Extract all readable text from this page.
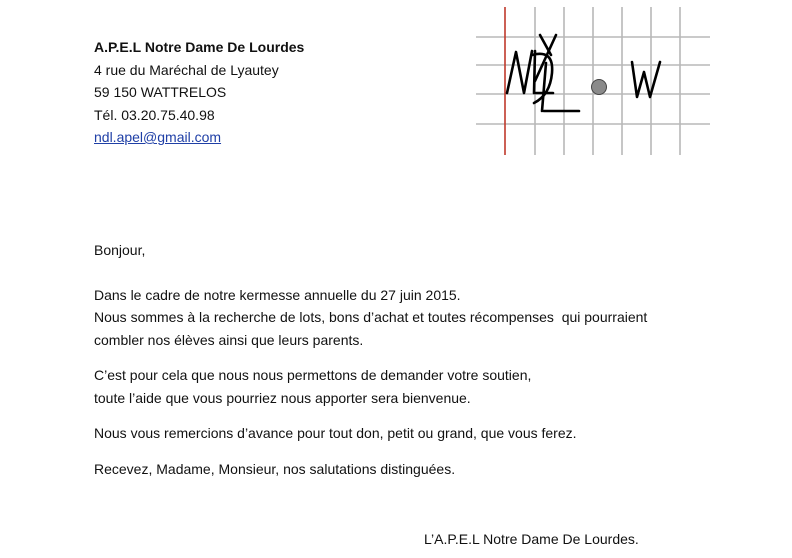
A.P.E.L Notre Dame De Lourdes
4 rue du Maréchal de Lyautey
59 150 WATTRELOS
Tél. 03.20.75.40.98
ndl.apel@gmail.com

Bonjour,

Dans le cadre de notre kermesse annuelle du 27 juin 2015.
Nous sommes à la recherche de lots, bons d’achat et toutes récompenses  qui pourraient
combler nos élèves ainsi que leurs parents.

C’est pour cela que nous nous permettons de demander votre soutien,
toute l’aide que vous pourriez nous apporter sera bienvenue.

Nous vous remercions d’avance pour tout don, petit ou grand, que vous ferez.

Recevez, Madame, Monsieur, nos salutations distinguées.

L’A.P.E.L Notre Dame De Lourdes.
